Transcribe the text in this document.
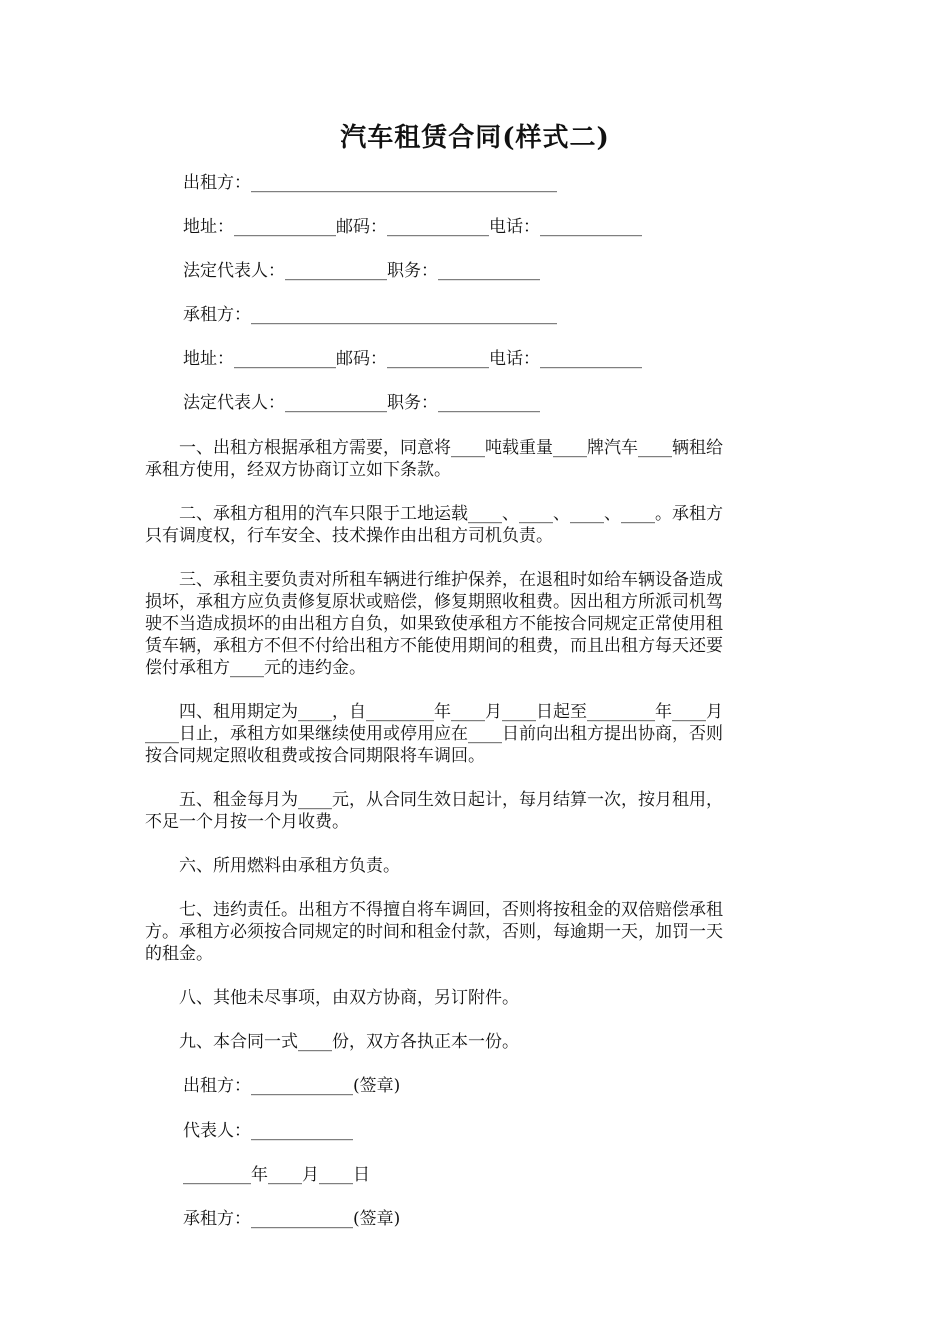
汽车租赁合同(样式二)
出租方：____________________________________
地址：____________邮码：____________电话：____________
法定代表人：____________职务：____________
承租方：____________________________________
地址：____________邮码：____________电话：____________
法定代表人：____________职务：____________
　　一、出租方根据承租方需要，同意将____吨载重量____牌汽车____辆租给
承租方使用，经双方协商订立如下条款。
　　二、承租方租用的汽车只限于工地运载____、____、____、____。承租方
只有调度权，行车安全、技术操作由出租方司机负责。
　　三、承租主要负责对所租车辆进行维护保养，在退租时如给车辆设备造成
损坏，承租方应负责修复原状或赔偿，修复期照收租费。因出租方所派司机驾
驶不当造成损坏的由出租方自负，如果致使承租方不能按合同规定正常使用租
赁车辆，承租方不但不付给出租方不能使用期间的租费，而且出租方每天还要
偿付承租方____元的违约金。
　　四、租用期定为____，自________年____月____日起至________年____月
____日止，承租方如果继续使用或停用应在____日前向出租方提出协商，否则
按合同规定照收租费或按合同期限将车调回。
　　五、租金每月为____元，从合同生效日起计，每月结算一次，按月租用，
不足一个月按一个月收费。
　　六、所用燃料由承租方负责。
　　七、违约责任。出租方不得擅自将车调回，否则将按租金的双倍赔偿承租
方。承租方必须按合同规定的时间和租金付款，否则，每逾期一天，加罚一天
的租金。
　　八、其他未尽事项，由双方协商，另订附件。
　　九、本合同一式____份，双方各执正本一份。
出租方：____________(签章)
代表人：____________
________年____月____日
承租方：____________(签章)
